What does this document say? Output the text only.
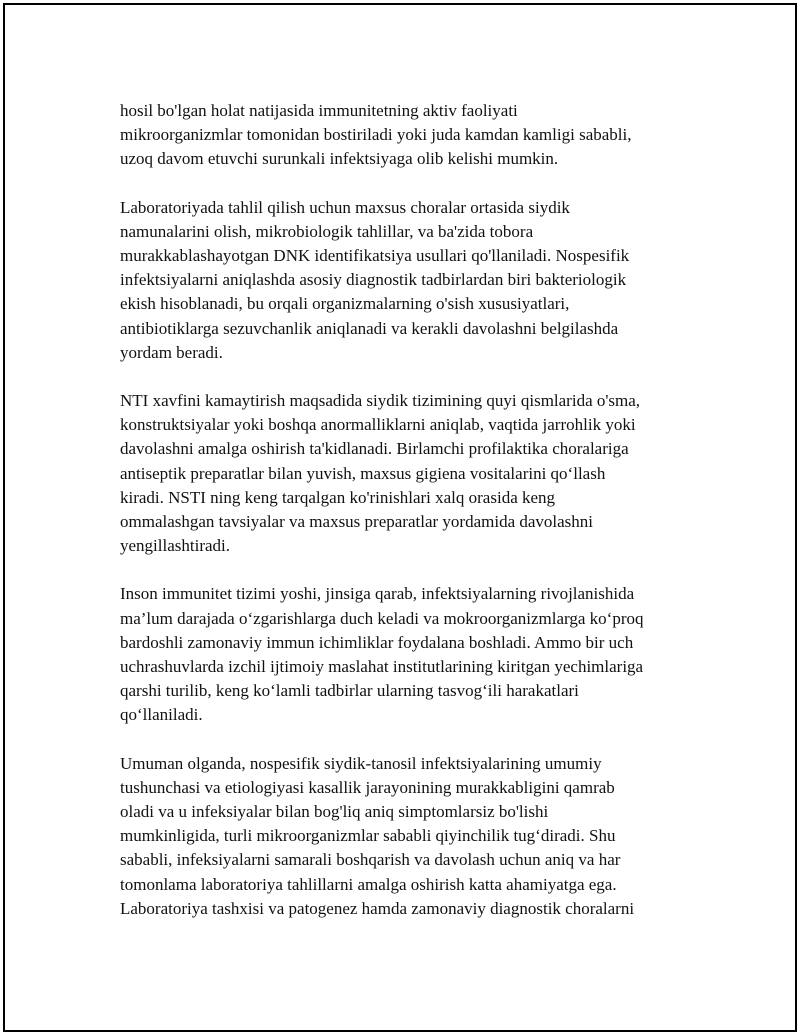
hosil bo'lgan holat natijasida immunitetning aktiv faoliyati
mikroorganizmlar tomonidan bostiriladi yoki juda kamdan kamligi sababli,
uzoq davom etuvchi surunkali infektsiyaga olib kelishi mumkin.
Laboratoriyada tahlil qilish uchun maxsus choralar ortasida siydik
namunalarini olish, mikrobiologik tahlillar, va ba'zida tobora
murakkablashayotgan DNK identifikatsiya usullari qo'llaniladi. Nospesifik
infektsiyalarni aniqlashda asosiy diagnostik tadbirlardan biri bakteriologik
ekish hisoblanadi, bu orqali organizmalarning o'sish xususiyatlari,
antibiotiklarga sezuvchanlik aniqlanadi va kerakli davolashni belgilashda
yordam beradi.
NTI xavfini kamaytirish maqsadida siydik tizimining quyi qismlarida o'sma,
konstruktsiyalar yoki boshqa anormalliklarni aniqlab, vaqtida jarrohlik yoki
davolashni amalga oshirish ta'kidlanadi. Birlamchi profilaktika choralariga
antiseptik preparatlar bilan yuvish, maxsus gigiena vositalarini qo‘llash
kiradi. NSTI ning keng tarqalgan ko'rinishlari xalq orasida keng
ommalashgan tavsiyalar va maxsus preparatlar yordamida davolashni
yengillashtiradi.
Inson immunitet tizimi yoshi, jinsiga qarab, infektsiyalarning rivojlanishida
ma’lum darajada o‘zgarishlarga duch keladi va mokroorganizmlarga ko‘proq
bardoshli zamonaviy immun ichimliklar foydalana boshladi. Ammo bir uch
uchrashuvlarda izchil ijtimoiy maslahat institutlarining kiritgan yechimlariga
qarshi turilib, keng ko‘lamli tadbirlar ularning tasvog‘ili harakatlari
qo‘llaniladi.
Umuman olganda, nospesifik siydik-tanosil infektsiyalarining umumiy
tushunchasi va etiologiyasi kasallik jarayonining murakkabligini qamrab
oladi va u infeksiyalar bilan bog'liq aniq simptomlarsiz bo'lishi
mumkinligida, turli mikroorganizmlar sababli qiyinchilik tug‘diradi. Shu
sababli, infeksiyalarni samarali boshqarish va davolash uchun aniq va har
tomonlama laboratoriya tahlillarni amalga oshirish katta ahamiyatga ega.
Laboratoriya tashxisi va patogenez hamda zamonaviy diagnostik choralarni
